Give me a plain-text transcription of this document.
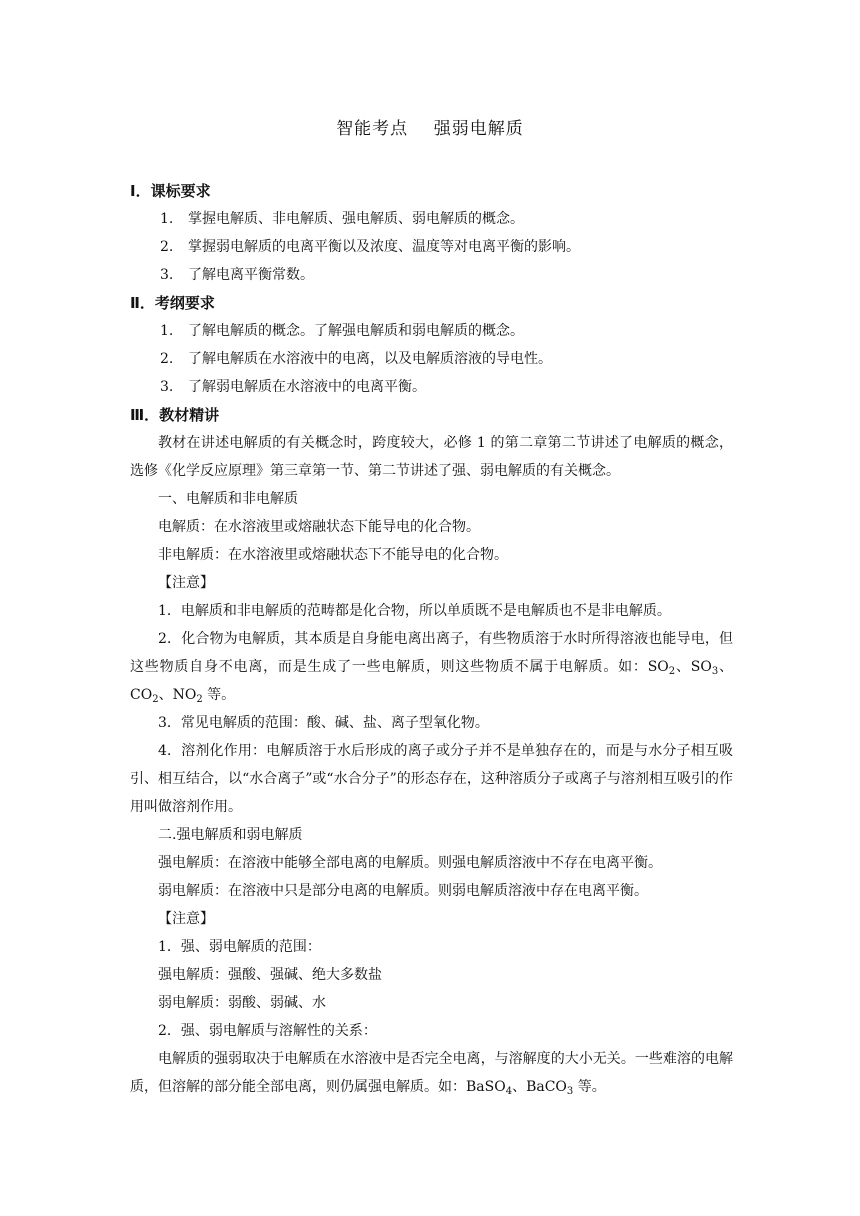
智能考点    强弱电解质
Ⅰ．课标要求
1. 掌握电解质、非电解质、强电解质、弱电解质的概念。
2. 掌握弱电解质的电离平衡以及浓度、温度等对电离平衡的影响。
3. 了解电离平衡常数。
Ⅱ．考纲要求
1. 了解电解质的概念。了解强电解质和弱电解质的概念。
2. 了解电解质在水溶液中的电离，以及电解质溶液的导电性。
3. 了解弱电解质在水溶液中的电离平衡。
Ⅲ．教材精讲
教材在讲述电解质的有关概念时，跨度较大，必修 1 的第二章第二节讲述了电解质的概念，选修《化学反应原理》第三章第一节、第二节讲述了强、弱电解质的有关概念。
一、电解质和非电解质
电解质：在水溶液里或熔融状态下能导电的化合物。
非电解质：在水溶液里或熔融状态下不能导电的化合物。
【注意】
1．电解质和非电解质的范畴都是化合物，所以单质既不是电解质也不是非电解质。
2．化合物为电解质，其本质是自身能电离出离子，有些物质溶于水时所得溶液也能导电，但这些物质自身不电离，而是生成了一些电解质，则这些物质不属于电解质。如：$SO_2$、$SO_3$、$CO_2$、$NO_2$ 等。
3．常见电解质的范围：酸、碱、盐、离子型氧化物。
4．溶剂化作用：电解质溶于水后形成的离子或分子并不是单独存在的，而是与水分子相互吸引、相互结合，以“水合离子”或“水合分子”的形态存在，这种溶质分子或离子与溶剂相互吸引的作用叫做溶剂作用。
二.强电解质和弱电解质
强电解质：在溶液中能够全部电离的电解质。则强电解质溶液中不存在电离平衡。
弱电解质：在溶液中只是部分电离的电解质。则弱电解质溶液中存在电离平衡。
【注意】
1．强、弱电解质的范围：
强电解质：强酸、强碱、绝大多数盐
弱电解质：弱酸、弱碱、水
2．强、弱电解质与溶解性的关系：
电解质的强弱取决于电解质在水溶液中是否完全电离，与溶解度的大小无关。一些难溶的电解质，但溶解的部分能全部电离，则仍属强电解质。如：BaSO$_4$、BaCO$_3$ 等。
